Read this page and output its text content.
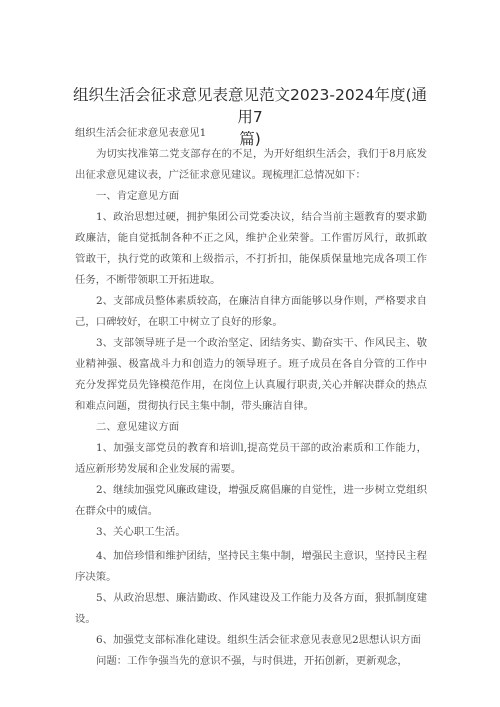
组织生活会征求意见表意见范文2023-2024年度(通用7
篇)

组织生活会征求意见表意见1

为切实找准第二党支部存在的不足，为开好组织生活会，我们于8月底发出征求意见建议表，广泛征求意见建议。现梳理汇总情况如下：

一、肯定意见方面

1、政治思想过硬，拥护集团公司党委决议，结合当前主题教育的要求勤政廉洁，能自觉抵制各种不正之风，维护企业荣誉。工作雷厉风行，敢抓敢管敢干，执行党的政策和上级指示，不打折扣，能保质保量地完成各项工作任务，不断带领职工开拓进取。

2、支部成员整体素质较高，在廉洁自律方面能够以身作则，严格要求自己，口碑较好，在职工中树立了良好的形象。

3、支部领导班子是一个政治坚定、团结务实、勤奋实干、作风民主、敬业精神强、极富战斗力和创造力的领导班子。班子成员在各自分管的工作中充分发挥党员先锋模范作用，在岗位上认真履行职责,关心并解决群众的热点和难点问题，贯彻执行民主集中制，带头廉洁自律。

二、意见建议方面

1、加强支部党员的教育和培训l,提高党员干部的政治素质和工作能力，适应新形势发展和企业发展的需要。

2、继续加强党风廉政建设，增强反腐倡廉的自觉性，进一步树立党组织在群众中的威信。

3、关心职工生活。

4、加倍珍惜和维护团结，坚持民主集中制，增强民主意识，坚持民主程序决策。

5、从政治思想、廉洁勤政、作风建设及工作能力及各方面，狠抓制度建设。

6、加强党支部标准化建设。组织生活会征求意见表意见2思想认识方面

问题：工作争强当先的意识不强，与时俱进，开拓创新，更新观念，
